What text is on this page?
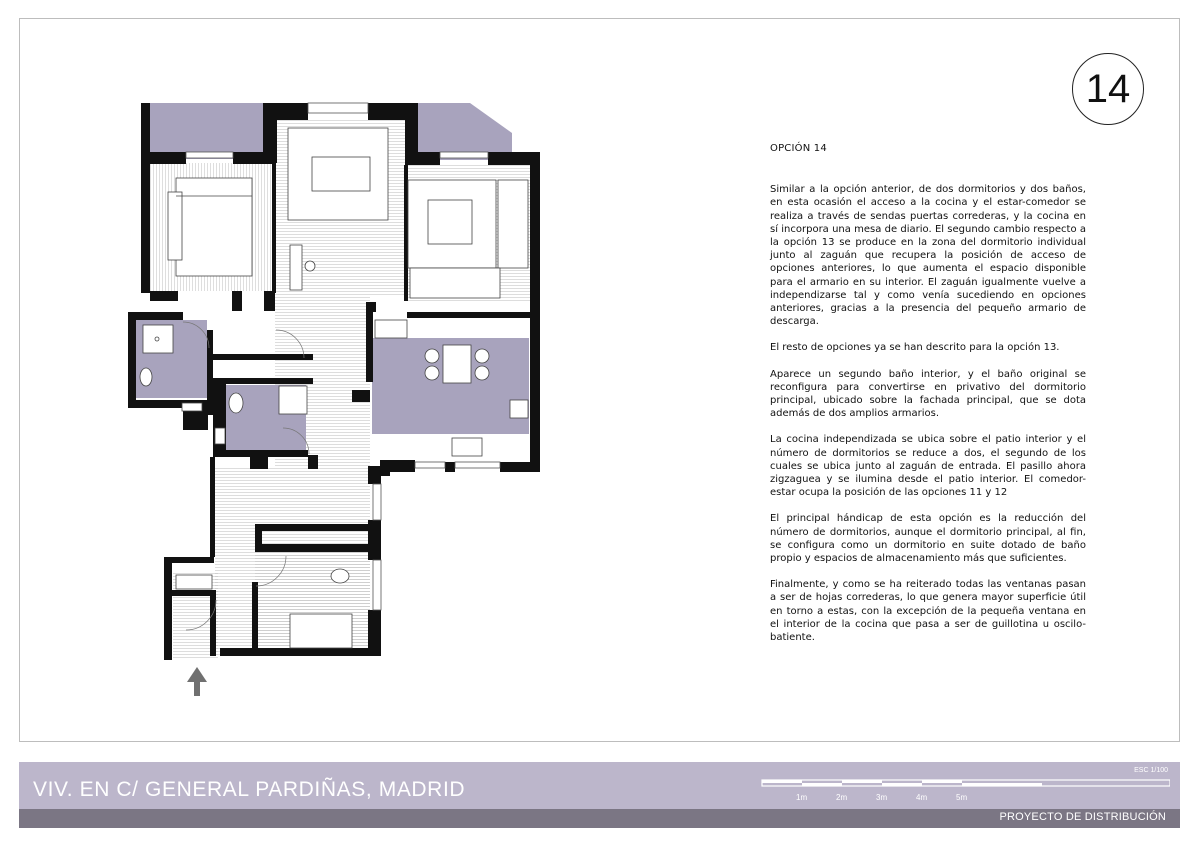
14
OPCIÓN 14

Similar a la opción anterior, de dos dormitorios y dos baños, en esta ocasión el acceso a la cocina y el estar-comedor se realiza a través de sendas puertas correderas, y la cocina en sí incorpora una mesa de diario. El segundo cambio respecto a la opción 13 se produce en la zona del dormitorio individual junto al zaguán que recupera la posición de acceso de opciones anteriores, lo que aumenta el espacio disponible para el armario en su interior. El zaguán igualmente vuelve a independizarse tal y como venía sucediendo en opciones anteriores, gracias a la presencia del pequeño armario de descarga.

El resto de opciones ya se han descrito para la opción 13.

Aparece un segundo baño interior, y el baño original se reconfigura para convertirse en privativo del dormitorio principal, ubicado sobre la fachada principal, que se dota además de dos amplios armarios.

La cocina independizada se ubica sobre el patio interior y el número de dormitorios se reduce a dos, el segundo de los cuales se ubica junto al zaguán de entrada. El pasillo ahora zigzaguea y se ilumina desde el patio interior. El comedor-estar ocupa la posición de las opciones 11 y 12

El principal hándicap de esta opción es la reducción del número de dormitorios, aunque el dormitorio principal, al fin, se configura como un dormitorio en suite dotado de baño propio y espacios de almacenamiento más que suficientes.

Finalmente, y como se ha reiterado todas las ventanas pasan a ser de hojas correderas, lo que genera mayor superficie útil en torno a estas, con la excepción de la pequeña ventana en el interior de la cocina que pasa a ser de guillotina u oscilo-batiente.

VIV. EN C/ GENERAL PARDIÑAS, MADRID
ESC 1/100
1m	2m	3m	4m	5m
PROYECTO DE DISTRIBUCIÓN
